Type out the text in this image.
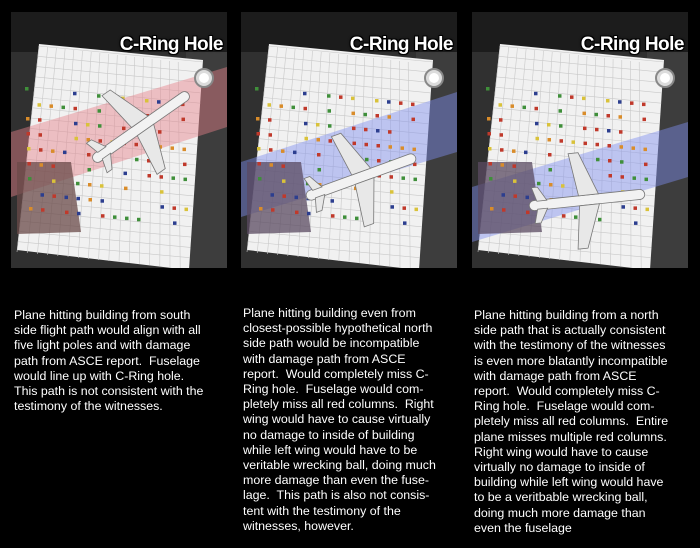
C-Ring Hole	C-Ring Hole	C-Ring Hole
Plane hitting building from south
side flight path would align with all
five light poles and with damage
path from ASCE report.  Fuselage
would line up with C-Ring hole.
This path is not consistent with the
testimony of the witnesses.
Plane hitting building even from
closest-possible hypothetical north
side path would be incompatible
with damage path from ASCE
report.  Would completely miss C-
Ring hole.  Fuselage would com-
pletely miss all red columns.  Right
wing would have to cause virtually
no damage to inside of building
while left wing would have to be
veritable wrecking ball, doing much
more damage than even the fuse-
lage.  This path is also not consis-
tent with the testimony of the
witnesses, however.
Plane hitting building from a north
side path that is actually consistent
with the testimony of the witnesses
is even more blatantly incompatible
with damage path from ASCE
report.  Would completely miss C-
Ring hole.  Fuselage would com-
pletely miss all red columns.  Entire
plane misses multiple red columns.
Right wing would have to cause
virtually no damage to inside of
building while left wing would have
to be a veritbable wrecking ball,
doing much more damage than
even the fuselage
